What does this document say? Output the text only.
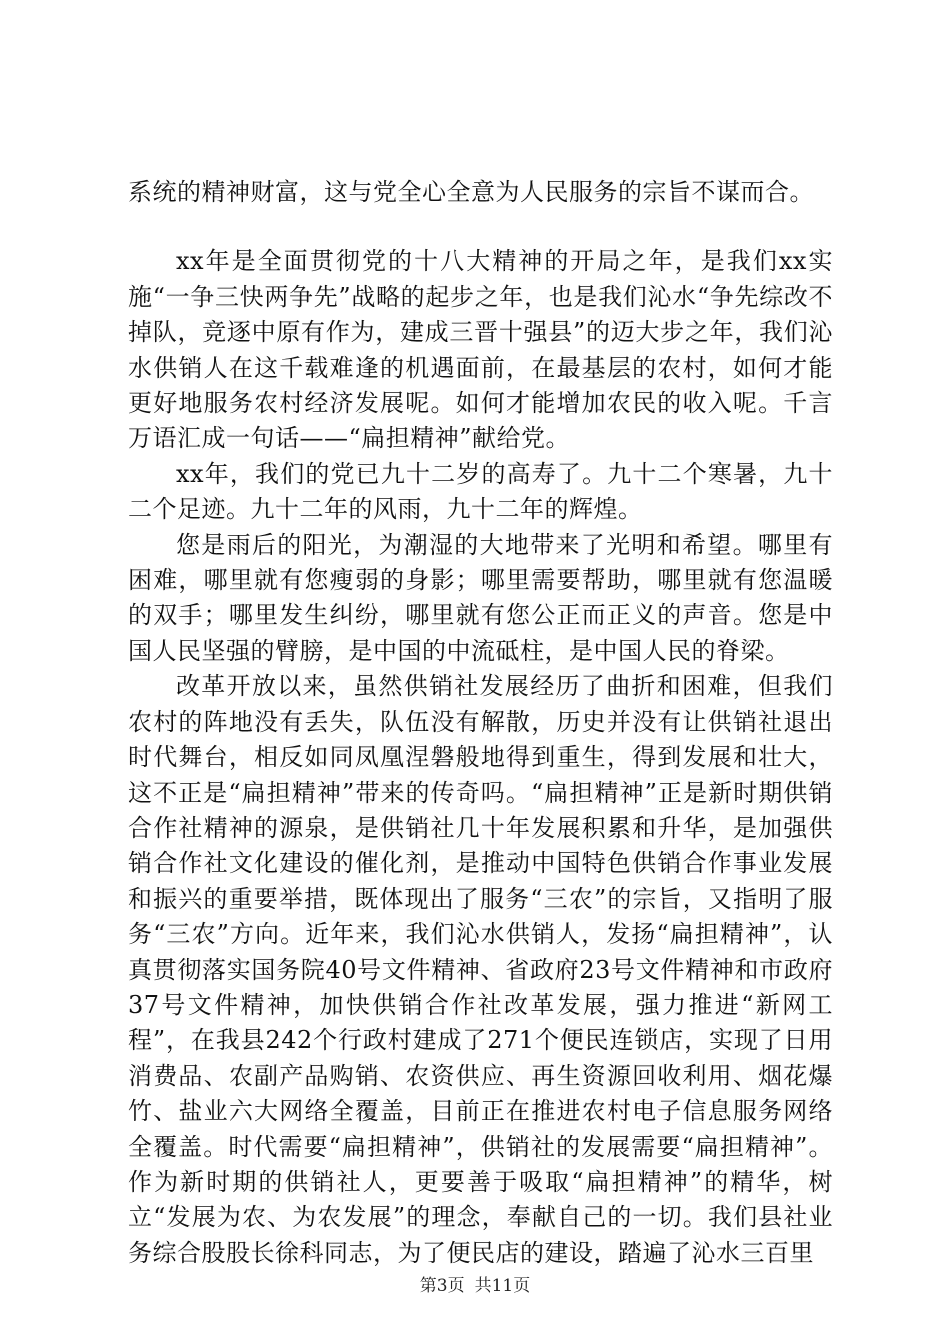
系统的精神财富，这与党全心全意为人民服务的宗旨不谋而合。

xx年是全面贯彻党的十八大精神的开局之年，是我们xx实施“一争三快两争先”战略的起步之年，也是我们沁水“争先综改不掉队，竞逐中原有作为，建成三晋十强县”的迈大步之年，我们沁水供销人在这千载难逢的机遇面前，在最基层的农村，如何才能更好地服务农村经济发展呢。如何才能增加农民的收入呢。千言万语汇成一句话——“扁担精神”献给党。

xx年，我们的党已九十二岁的高寿了。九十二个寒暑，九十二个足迹。九十二年的风雨，九十二年的辉煌。

您是雨后的阳光，为潮湿的大地带来了光明和希望。哪里有困难，哪里就有您瘦弱的身影；哪里需要帮助，哪里就有您温暖的双手；哪里发生纠纷，哪里就有您公正而正义的声音。您是中国人民坚强的臂膀，是中国的中流砥柱，是中国人民的脊梁。

改革开放以来，虽然供销社发展经历了曲折和困难，但我们农村的阵地没有丢失，队伍没有解散，历史并没有让供销社退出时代舞台，相反如同凤凰涅磐般地得到重生，得到发展和壮大，这不正是“扁担精神”带来的传奇吗。“扁担精神”正是新时期供销合作社精神的源泉，是供销社几十年发展积累和升华，是加强供销合作社文化建设的催化剂，是推动中国特色供销合作事业发展和振兴的重要举措，既体现出了服务“三农”的宗旨，又指明了服务“三农”方向。近年来，我们沁水供销人，发扬“扁担精神”，认真贯彻落实国务院40号文件精神、省政府23号文件精神和市政府37号文件精神，加快供销合作社改革发展，强力推进“新网工程”，在我县242个行政村建成了271个便民连锁店，实现了日用消费品、农副产品购销、农资供应、再生资源回收利用、烟花爆竹、盐业六大网络全覆盖，目前正在推进农村电子信息服务网络全覆盖。时代需要“扁担精神”，供销社的发展需要“扁担精神”。作为新时期的供销社人，更要善于吸取“扁担精神”的精华，树立“发展为农、为农发展”的理念，奉献自己的一切。我们县社业务综合股股长徐科同志，为了便民店的建设，踏遍了沁水三百里

第3页 共11页
